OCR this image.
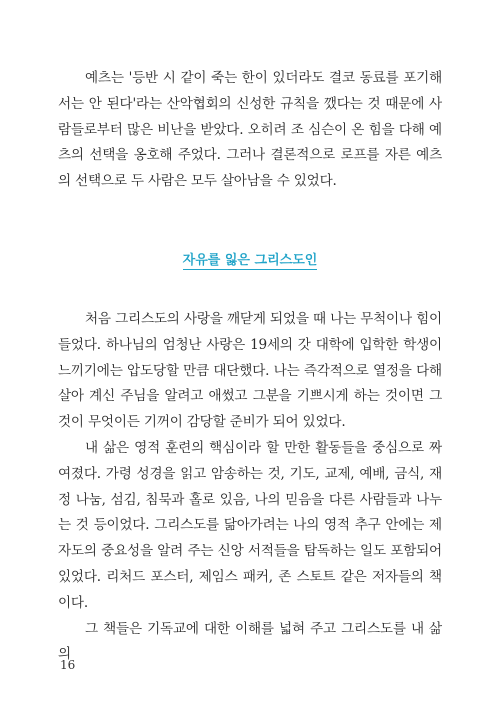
예츠는 '등반 시 같이 죽는 한이 있더라도 결코 동료를 포기해서는 안 된다'라는 산악협회의 신성한 규칙을 깼다는 것 때문에 사람들로부터 많은 비난을 받았다. 오히려 조 심슨이 온 힘을 다해 예츠의 선택을 옹호해 주었다. 그러나 결론적으로 로프를 자른 예츠의 선택으로 두 사람은 모두 살아남을 수 있었다.

자유를 잃은 그리스도인

처음 그리스도의 사랑을 깨닫게 되었을 때 나는 무척이나 힘이 들었다. 하나님의 엄청난 사랑은 19세의 갓 대학에 입학한 학생이 느끼기에는 압도당할 만큼 대단했다. 나는 즉각적으로 열정을 다해 살아 계신 주님을 알려고 애썼고 그분을 기쁘시게 하는 것이면 그것이 무엇이든 기꺼이 감당할 준비가 되어 있었다.

내 삶은 영적 훈련의 핵심이라 할 만한 활동들을 중심으로 짜여졌다. 가령 성경을 읽고 암송하는 것, 기도, 교제, 예배, 금식, 재정 나눔, 섬김, 침묵과 홀로 있음, 나의 믿음을 다른 사람들과 나누는 것 등이었다. 그리스도를 닮아가려는 나의 영적 추구 안에는 제자도의 중요성을 알려 주는 신앙 서적들을 탐독하는 일도 포함되어 있었다. 리처드 포스터, 제임스 패커, 존 스토트 같은 저자들의 책이다.

그 책들은 기독교에 대한 이해를 넓혀 주고 그리스도를 내 삶의

16
